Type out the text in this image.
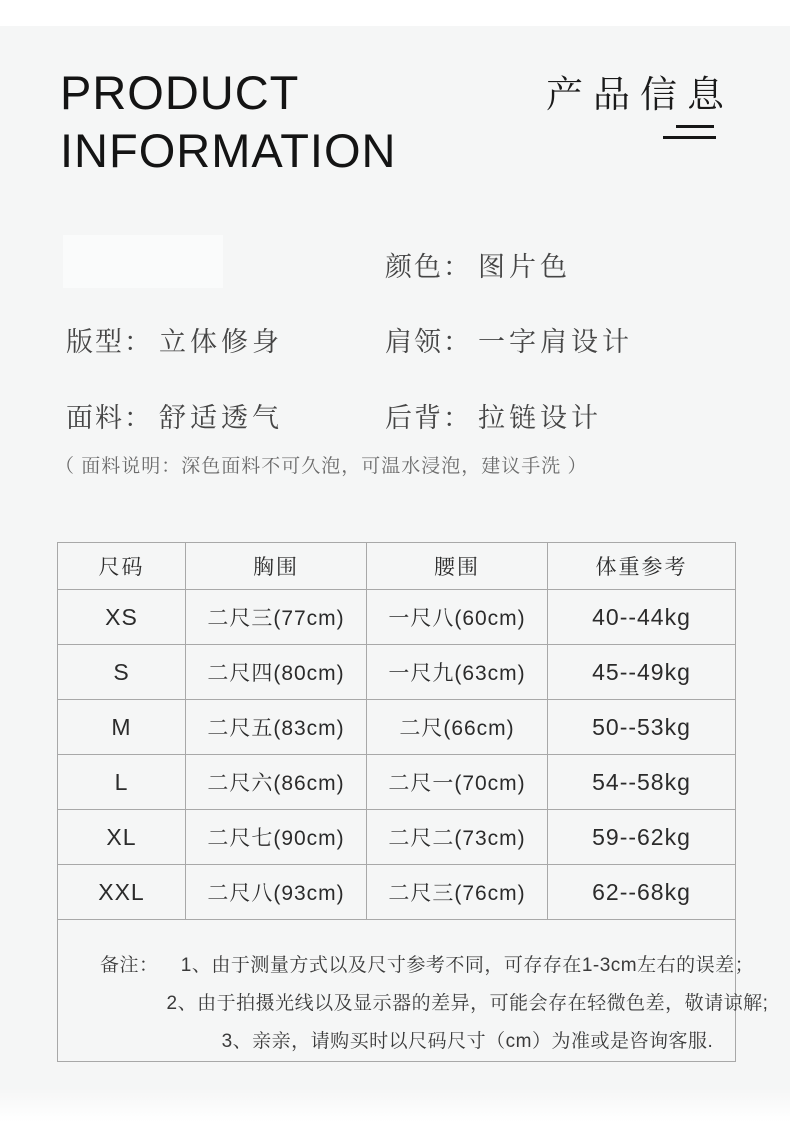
PRODUCT
INFORMATION
产品信息
颜色： 图片色
版型： 立体修身	肩领： 一字肩设计
面料： 舒适透气	后背： 拉链设计
（ 面料说明：深色面料不可久泡，可温水浸泡，建议手洗 ）
尺码	胸围	腰围	体重参考
XS	二尺三(77cm)	一尺八(60cm)	40--44kg
S	二尺四(80cm)	一尺九(63cm)	45--49kg
M	二尺五(83cm)	二尺(66cm)	50--53kg
L	二尺六(86cm)	二尺一(70cm)	54--58kg
XL	二尺七(90cm)	二尺二(73cm)	59--62kg
XXL	二尺八(93cm)	二尺三(76cm)	62--68kg

备注： 1、由于测量方式以及尺寸参考不同，可存存在1-3cm左右的误差；
2、由于拍摄光线以及显示器的差异，可能会存在轻微色差，敬请谅解;
3、亲亲，请购买时以尺码尺寸（cm）为准或是咨询客服.			
